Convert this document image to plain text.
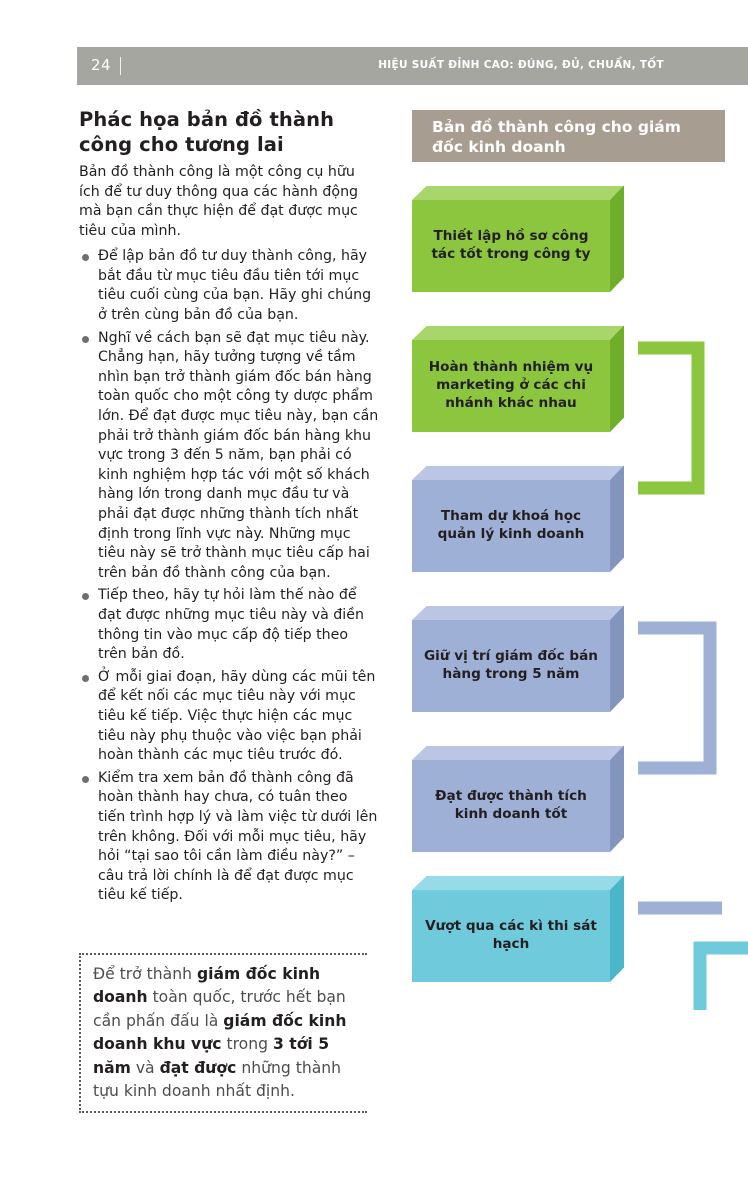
24	HIỆU SUẤT ĐỈNH CAO: ĐÚNG, ĐỦ, CHUẨN, TỐT
Phác họa bản đồ thành công cho tương lai

Bản đồ thành công là một công cụ hữu ích để tư duy thông qua các hành động mà bạn cần thực hiện để đạt được mục tiêu của mình.

Để lập bản đồ tư duy thành công, hãy bắt đầu từ mục tiêu đầu tiên tới mục tiêu cuối cùng của bạn. Hãy ghi chúng ở trên cùng bản đồ của bạn.
Nghĩ về cách bạn sẽ đạt mục tiêu này. Chẳng hạn, hãy tưởng tượng về tầm nhìn bạn trở thành giám đốc bán hàng toàn quốc cho một công ty dược phẩm lớn. Để đạt được mục tiêu này, bạn cần phải trở thành giám đốc bán hàng khu vực trong 3 đến 5 năm, bạn phải có kinh nghiệm hợp tác với một số khách hàng lớn trong danh mục đầu tư và phải đạt được những thành tích nhất định trong lĩnh vực này. Những mục tiêu này sẽ trở thành mục tiêu cấp hai trên bản đồ thành công của bạn.
Tiếp theo, hãy tự hỏi làm thế nào để đạt được những mục tiêu này và điền thông tin vào mục cấp độ tiếp theo trên bản đồ.
Ở mỗi giai đoạn, hãy dùng các mũi tên để kết nối các mục tiêu này với mục tiêu kế tiếp. Việc thực hiện các mục tiêu này phụ thuộc vào việc bạn phải hoàn thành các mục tiêu trước đó.
Kiểm tra xem bản đồ thành công đã hoàn thành hay chưa, có tuân theo tiến trình hợp lý và làm việc từ dưới lên trên không. Đối với mỗi mục tiêu, hãy hỏi “tại sao tôi cần làm điều này?” – câu trả lời chính là để đạt được mục tiêu kế tiếp.
Để trở thành giám đốc kinh doanh toàn quốc, trước hết bạn cần phấn đấu là giám đốc kinh doanh khu vực trong 3 tới 5 năm và đạt được những thành tựu kinh doanh nhất định.
Bản đồ thành công cho giám đốc kinh doanh
Thiết lập hồ sơ công tác tốt trong công ty
Hoàn thành nhiệm vụ marketing ở các chi nhánh khác nhau
Tham dự khoá học quản lý kinh doanh
Giữ vị trí giám đốc bán hàng trong 5 năm
Đạt được thành tích kinh doanh tốt
Vượt qua các kì thi sát hạch
